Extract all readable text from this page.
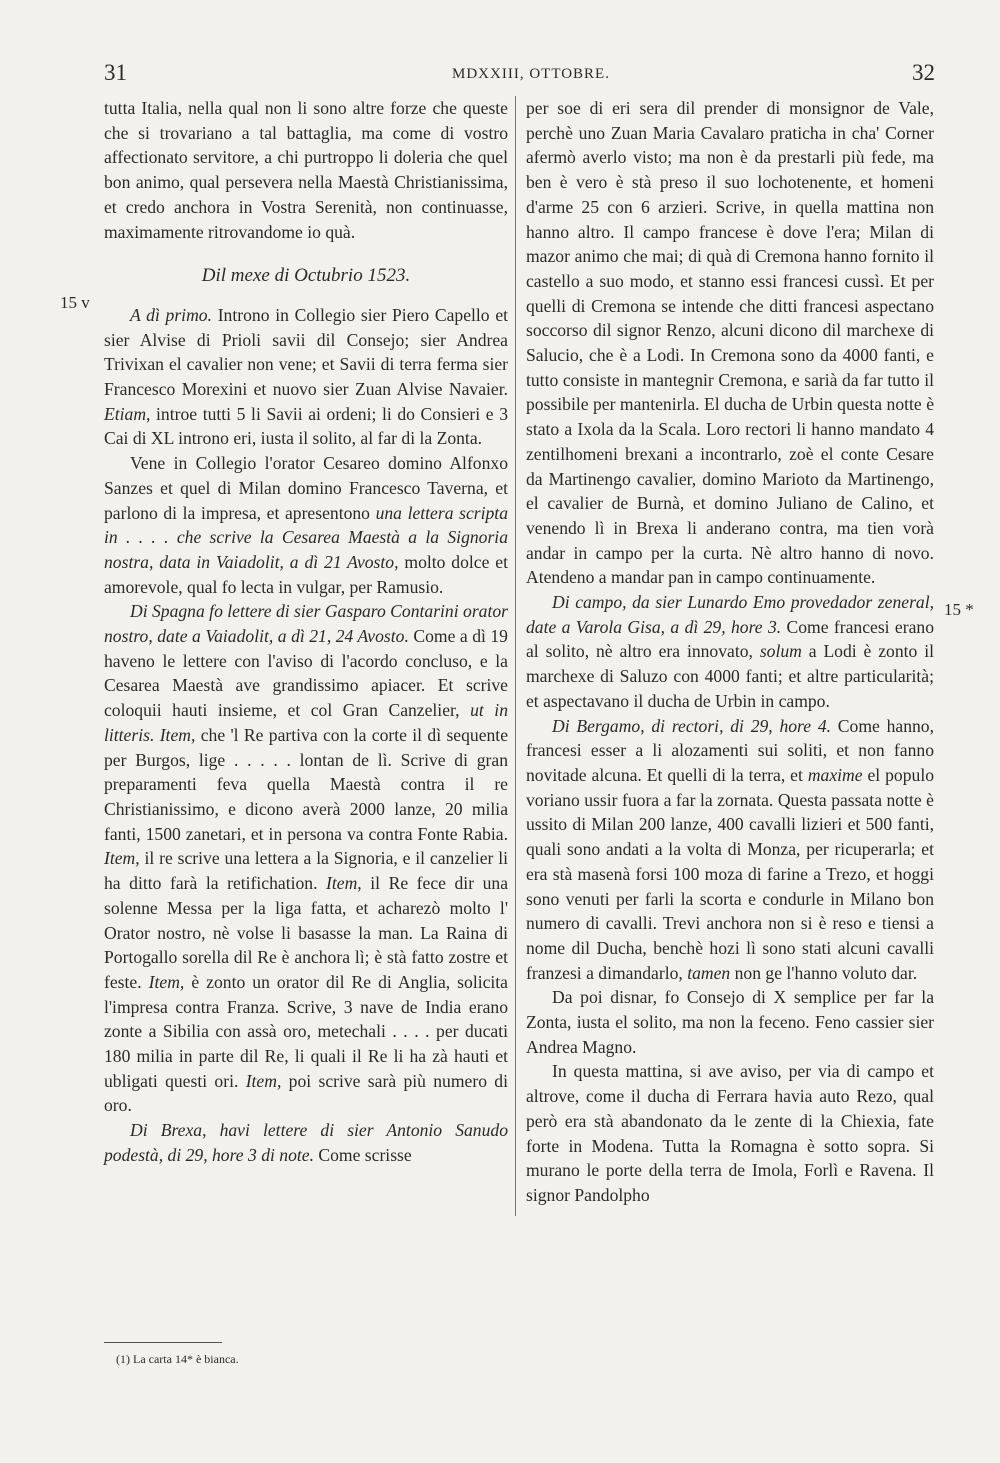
31	MDXXIII, OTTOBRE.	32
15 v
15 *

tutta Italia, nella qual non li sono altre forze che queste che si trovariano a tal battaglia, ma come di vostro affectionato servitore, a chi purtroppo li doleria che quel bon animo, qual persevera nella Maestà Christianissima, et credo anchora in Vostra Serenità, non continuasse, maximamente ritrovandome io quà.

Dil mexe di Octubrio 1523.

A dì primo. Introno in Collegio sier Piero Capello et sier Alvise di Prioli savii dil Consejo; sier Andrea Trivixan el cavalier non vene; et Savii di terra ferma sier Francesco Morexini et nuovo sier Zuan Alvise Navaier. Etiam, introe tutti 5 li Savii ai ordeni; li do Consieri e 3 Cai di XL introno eri, iusta il solito, al far di la Zonta.

Vene in Collegio l'orator Cesareo domino Alfonxo Sanzes et quel di Milan domino Francesco Taverna, et parlono di la impresa, et apresentono una lettera scripta in . . . . che scrive la Cesarea Maestà a la Signoria nostra, data in Vaiadolit, a dì 21 Avosto, molto dolce et amorevole, qual fo lecta in vulgar, per Ramusio.

Di Spagna fo lettere di sier Gasparo Contarini orator nostro, date a Vaiadolit, a dì 21, 24 Avosto. Come a dì 19 haveno le lettere con l'aviso di l'acordo concluso, e la Cesarea Maestà ave grandissimo apiacer. Et scrive coloquii hauti insieme, et col Gran Canzelier, ut in litteris. Item, che 'l Re partiva con la corte il dì sequente per Burgos, lige . . . . . lontan de lì. Scrive di gran preparamenti feva quella Maestà contra il re Christianissimo, e dicono averà 2000 lanze, 20 milia fanti, 1500 zanetari, et in persona va contra Fonte Rabia. Item, il re scrive una lettera a la Signoria, e il canzelier li ha ditto farà la retifichation. Item, il Re fece dir una solenne Messa per la liga fatta, et acharezò molto l' Orator nostro, nè volse li basasse la man. La Raina di Portogallo sorella dil Re è anchora lì; è stà fatto zostre et feste. Item, è zonto un orator dil Re di Anglia, solicita l'impresa contra Franza. Scrive, 3 nave de India erano zonte a Sibilia con assà oro, metechali . . . . per ducati 180 milia in parte dil Re, li quali il Re li ha zà hauti et ubligati questi ori. Item, poi scrive sarà più numero di oro.

Di Brexa, havi lettere di sier Antonio Sanudo podestà, di 29, hore 3 di note. Come scrisse

per soe di eri sera dil prender di monsignor de Vale, perchè uno Zuan Maria Cavalaro praticha in cha' Corner afermò averlo visto; ma non è da prestarli più fede, ma ben è vero è stà preso il suo lochotenente, et homeni d'arme 25 con 6 arzieri. Scrive, in quella mattina non hanno altro. Il campo francese è dove l'era; Milan di mazor animo che mai; di quà di Cremona hanno fornito il castello a suo modo, et stanno essi francesi cussì. Et per quelli di Cremona se intende che ditti francesi aspectano soccorso dil signor Renzo, alcuni dicono dil marchexe di Salucio, che è a Lodi. In Cremona sono da 4000 fanti, e tutto consiste in mantegnir Cremona, e sarià da far tutto il possibile per mantenirla. El ducha de Urbin questa notte è stato a Ixola da la Scala. Loro rectori li hanno mandato 4 zentilhomeni brexani a incontrarlo, zoè el conte Cesare da Martinengo cavalier, domino Marioto da Martinengo, el cavalier de Burnà, et domino Juliano de Calino, et venendo lì in Brexa li anderano contra, ma tien vorà andar in campo per la curta. Nè altro hanno di novo. Atendeno a mandar pan in campo continuamente.

Di campo, da sier Lunardo Emo provedador zeneral, date a Varola Gisa, a dì 29, hore 3. Come francesi erano al solito, nè altro era innovato, solum a Lodi è zonto il marchexe di Saluzo con 4000 fanti; et altre particularità; et aspectavano il ducha de Urbin in campo.

Di Bergamo, di rectori, di 29, hore 4. Come hanno, francesi esser a li alozamenti sui soliti, et non fanno novitade alcuna. Et quelli di la terra, et maxime el populo voriano ussir fuora a far la zornata. Questa passata notte è ussito di Milan 200 lanze, 400 cavalli lizieri et 500 fanti, quali sono andati a la volta di Monza, per ricuperarla; et era stà masenà forsi 100 moza di farine a Trezo, et hoggi sono venuti per farli la scorta e condurle in Milano bon numero di cavalli. Trevi anchora non si è reso e tiensi a nome dil Ducha, benchè hozi lì sono stati alcuni cavalli franzesi a dimandarlo, tamen non ge l'hanno voluto dar.

Da poi disnar, fo Consejo di X semplice per far la Zonta, iusta el solito, ma non la feceno. Feno cassier sier Andrea Magno.

In questa mattina, si ave aviso, per via di campo et altrove, come il ducha di Ferrara havia auto Rezo, qual però era stà abandonato da le zente di la Chiexia, fate forte in Modena. Tutta la Romagna è sotto sopra. Si murano le porte della terra de Imola, Forlì e Ravena. Il signor Pandolpho

(1) La carta 14* è bianca.
